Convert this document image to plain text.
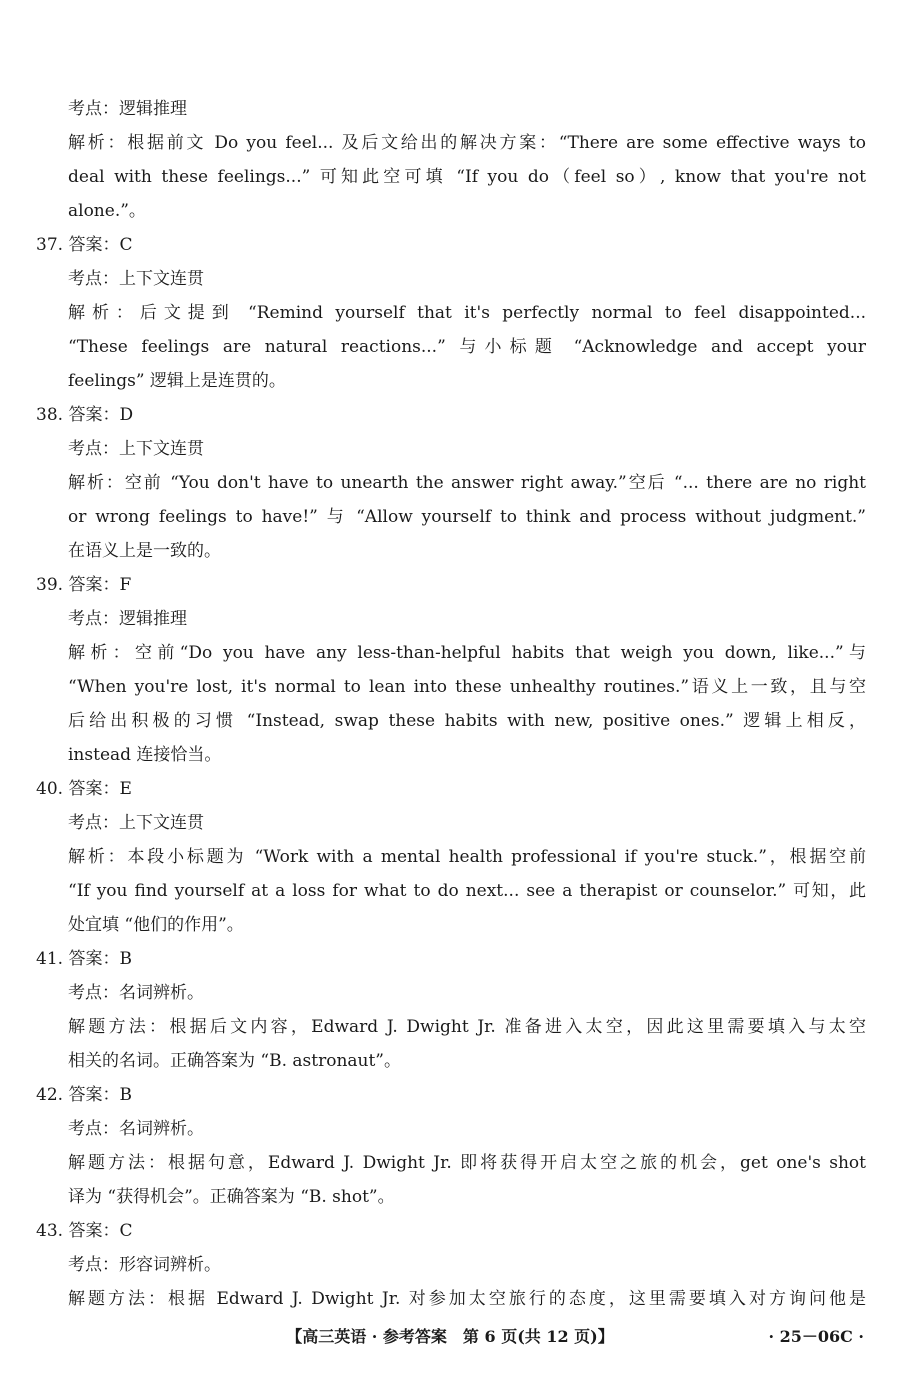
考点：逻辑推理
解析：根据前文 Do you feel... 及后文给出的解决方案：“There are some effective ways to
deal with these feelings...” 可知此空可填 “If you do（feel so）, know that you're not
alone.”。
37. 答案：C
考点：上下文连贯
解析：后文提到 “Remind yourself that it's perfectly normal to feel disappointed...
“These feelings are natural reactions...” 与小标题 “Acknowledge and accept your
feelings” 逻辑上是连贯的。
38. 答案：D
考点：上下文连贯
解析：空前 “You don't have to unearth the answer right away.”空后 “... there are no right
or wrong feelings to have!” 与 “Allow yourself to think and process without judgment.”
在语义上是一致的。
39. 答案：F
考点：逻辑推理
解析：空前“Do you have any less-than-helpful habits that weigh you down, like...”与
“When you're lost, it's normal to lean into these unhealthy routines.”语义上一致，且与空
后给出积极的习惯 “Instead, swap these habits with new, positive ones.” 逻辑上相反，
instead 连接恰当。
40. 答案：E
考点：上下文连贯
解析：本段小标题为 “Work with a mental health professional if you're stuck.”，根据空前
“If you find yourself at a loss for what to do next... see a therapist or counselor.” 可知，此
处宜填 “他们的作用”。
41. 答案：B
考点：名词辨析。
解题方法：根据后文内容，Edward J. Dwight Jr. 准备进入太空，因此这里需要填入与太空
相关的名词。正确答案为 “B. astronaut”。
42. 答案：B
考点：名词辨析。
解题方法：根据句意，Edward J. Dwight Jr. 即将获得开启太空之旅的机会，get one's shot
译为 “获得机会”。正确答案为 “B. shot”。
43. 答案：C
考点：形容词辨析。
解题方法：根据 Edward J. Dwight Jr. 对参加太空旅行的态度，这里需要填入对方询问他是
【高三英语 · 参考答案　第 6 页(共 12 页)】	· 25－06C ·
